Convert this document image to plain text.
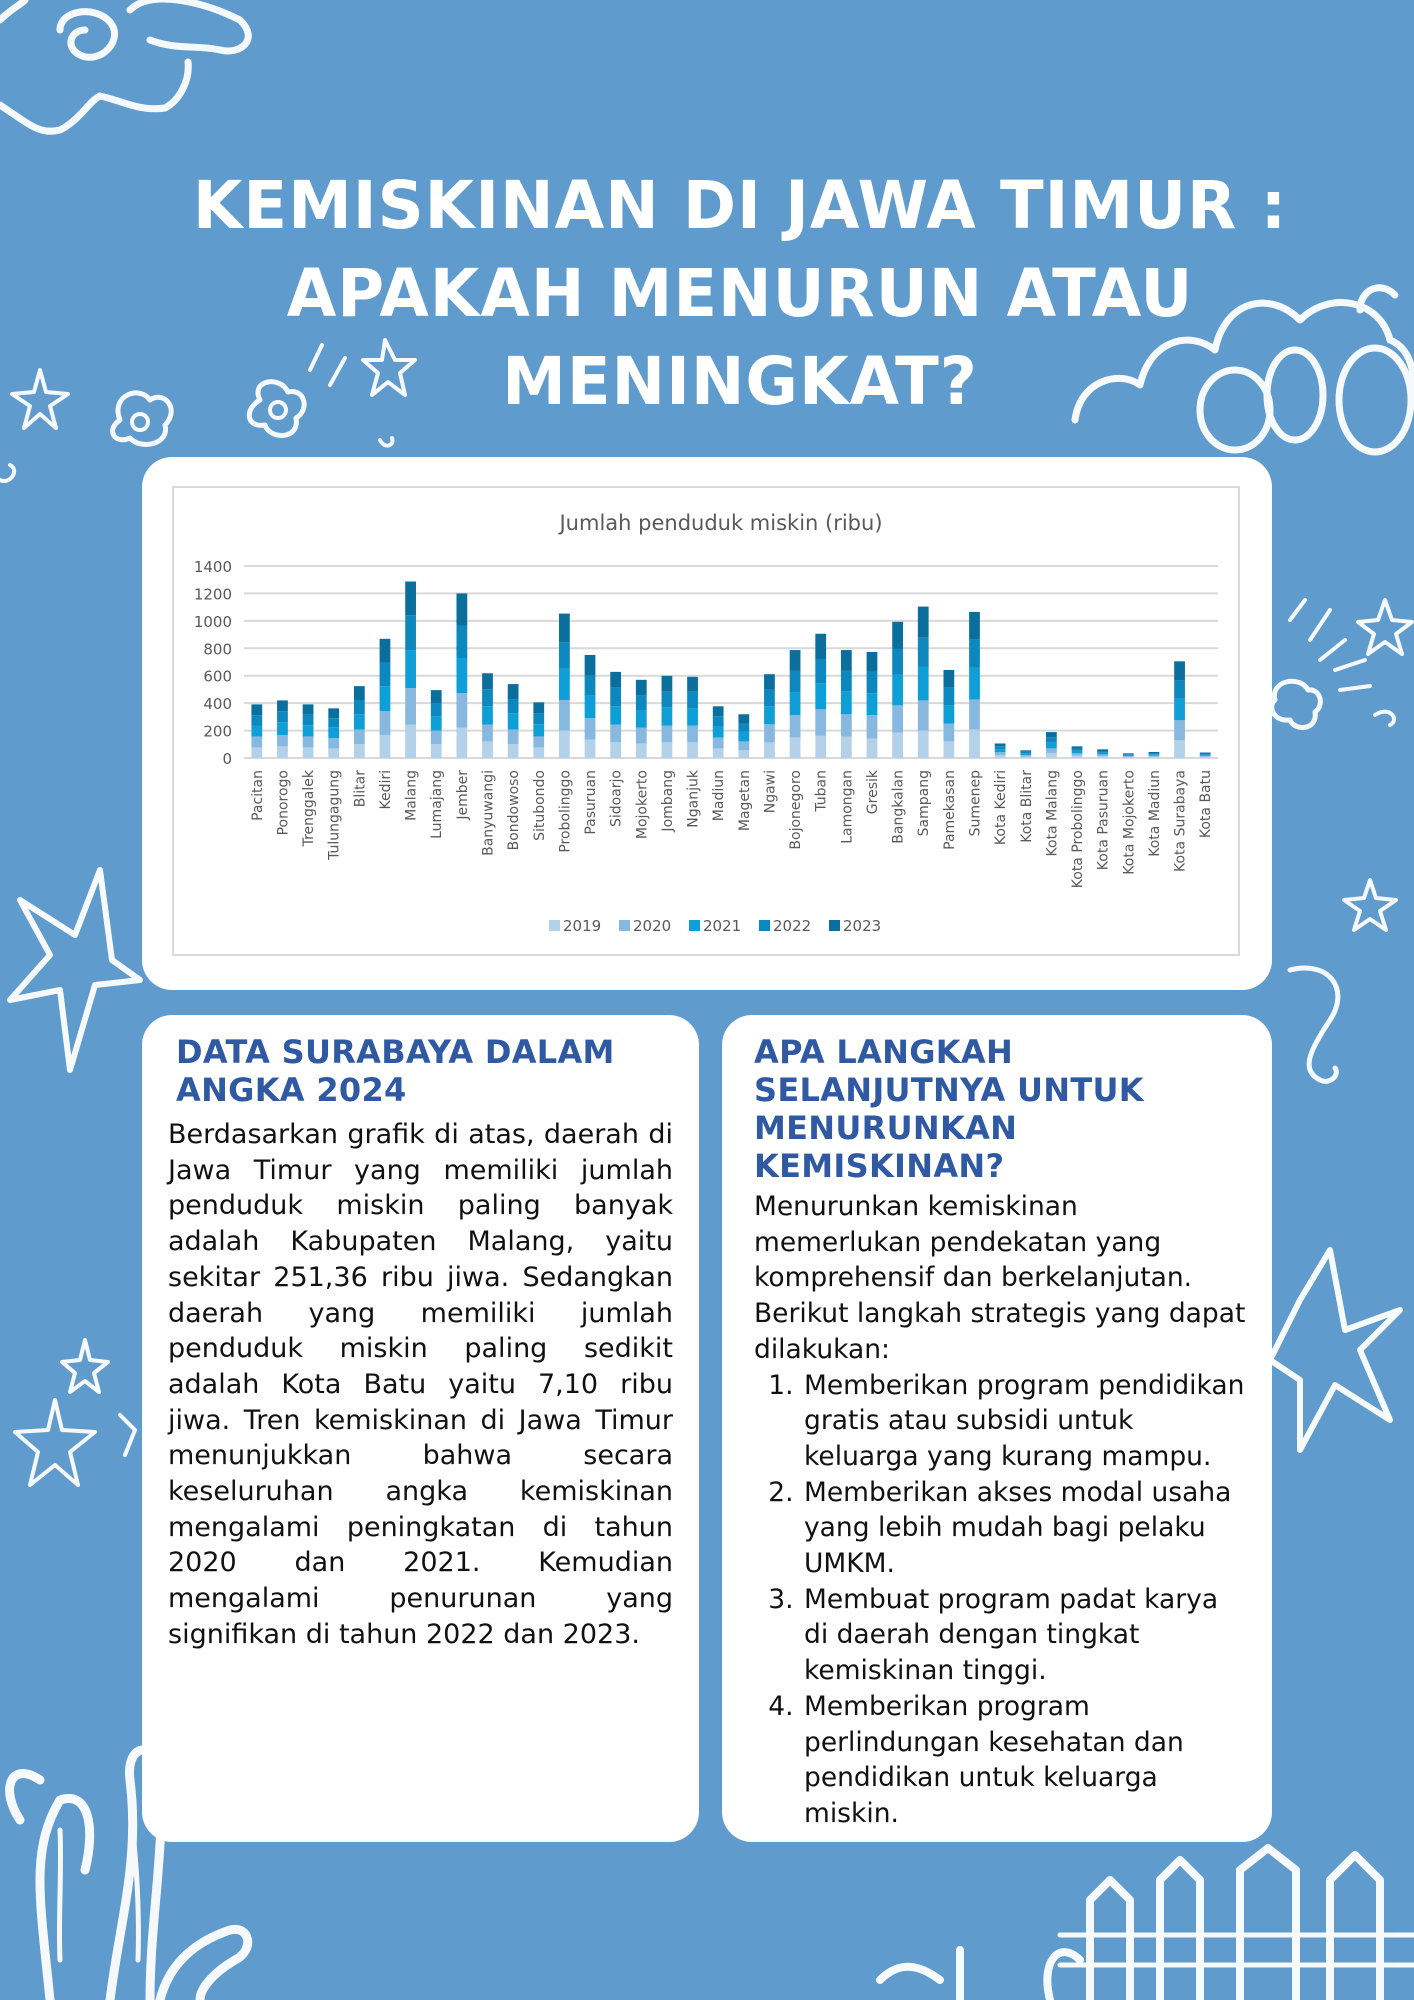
KEMISKINAN DI JAWA TIMUR :
APAKAH MENURUN ATAU
MENINGKAT?
Jumlah penduduk miskin (ribu)
0
200
400
600
800
1000
1200
1400
Pacitan Ponorogo Trenggalek Tulungagung Blitar Kediri Malang Lumajang Jember Banyuwangi Bondowoso Situbondo Probolinggo Pasuruan Sidoarjo Mojokerto Jombang Nganjuk Madiun Magetan Ngawi Bojonegoro Tuban Lamongan Gresik Bangkalan Sampang Pamekasan Sumenep Kota Kediri Kota Blitar Kota Malang Kota Probolinggo Kota Pasuruan Kota Mojokerto Kota Madiun Kota Surabaya Kota Batu
2019 2020 2021 2022 2023
DATA SURABAYA DALAM
ANGKA 2024

Berdasarkan grafik di atas, daerah di Jawa Timur yang memiliki jumlah penduduk miskin paling banyak adalah Kabupaten Malang, yaitu sekitar 251,36 ribu jiwa. Sedangkan daerah yang memiliki jumlah penduduk miskin paling sedikit adalah Kota Batu yaitu 7,10 ribu jiwa. Tren kemiskinan di Jawa Timur menunjukkan bahwa secara keseluruhan angka kemiskinan mengalami peningkatan di tahun 2020 dan 2021. Kemudian mengalami penurunan yang signifikan di tahun 2022 dan 2023.

APA LANGKAH
SELANJUTNYA UNTUK
MENURUNKAN KEMISKINAN?

Menurunkan kemiskinan memerlukan pendekatan yang komprehensif dan berkelanjutan. Berikut langkah strategis yang dapat dilakukan:

1. Memberikan program pendidikan gratis atau subsidi untuk keluarga yang kurang mampu.
2. Memberikan akses modal usaha yang lebih mudah bagi pelaku UMKM.
3. Membuat program padat karya di daerah dengan tingkat kemiskinan tinggi.
4. Memberikan program perlindungan kesehatan dan pendidikan untuk keluarga miskin.
